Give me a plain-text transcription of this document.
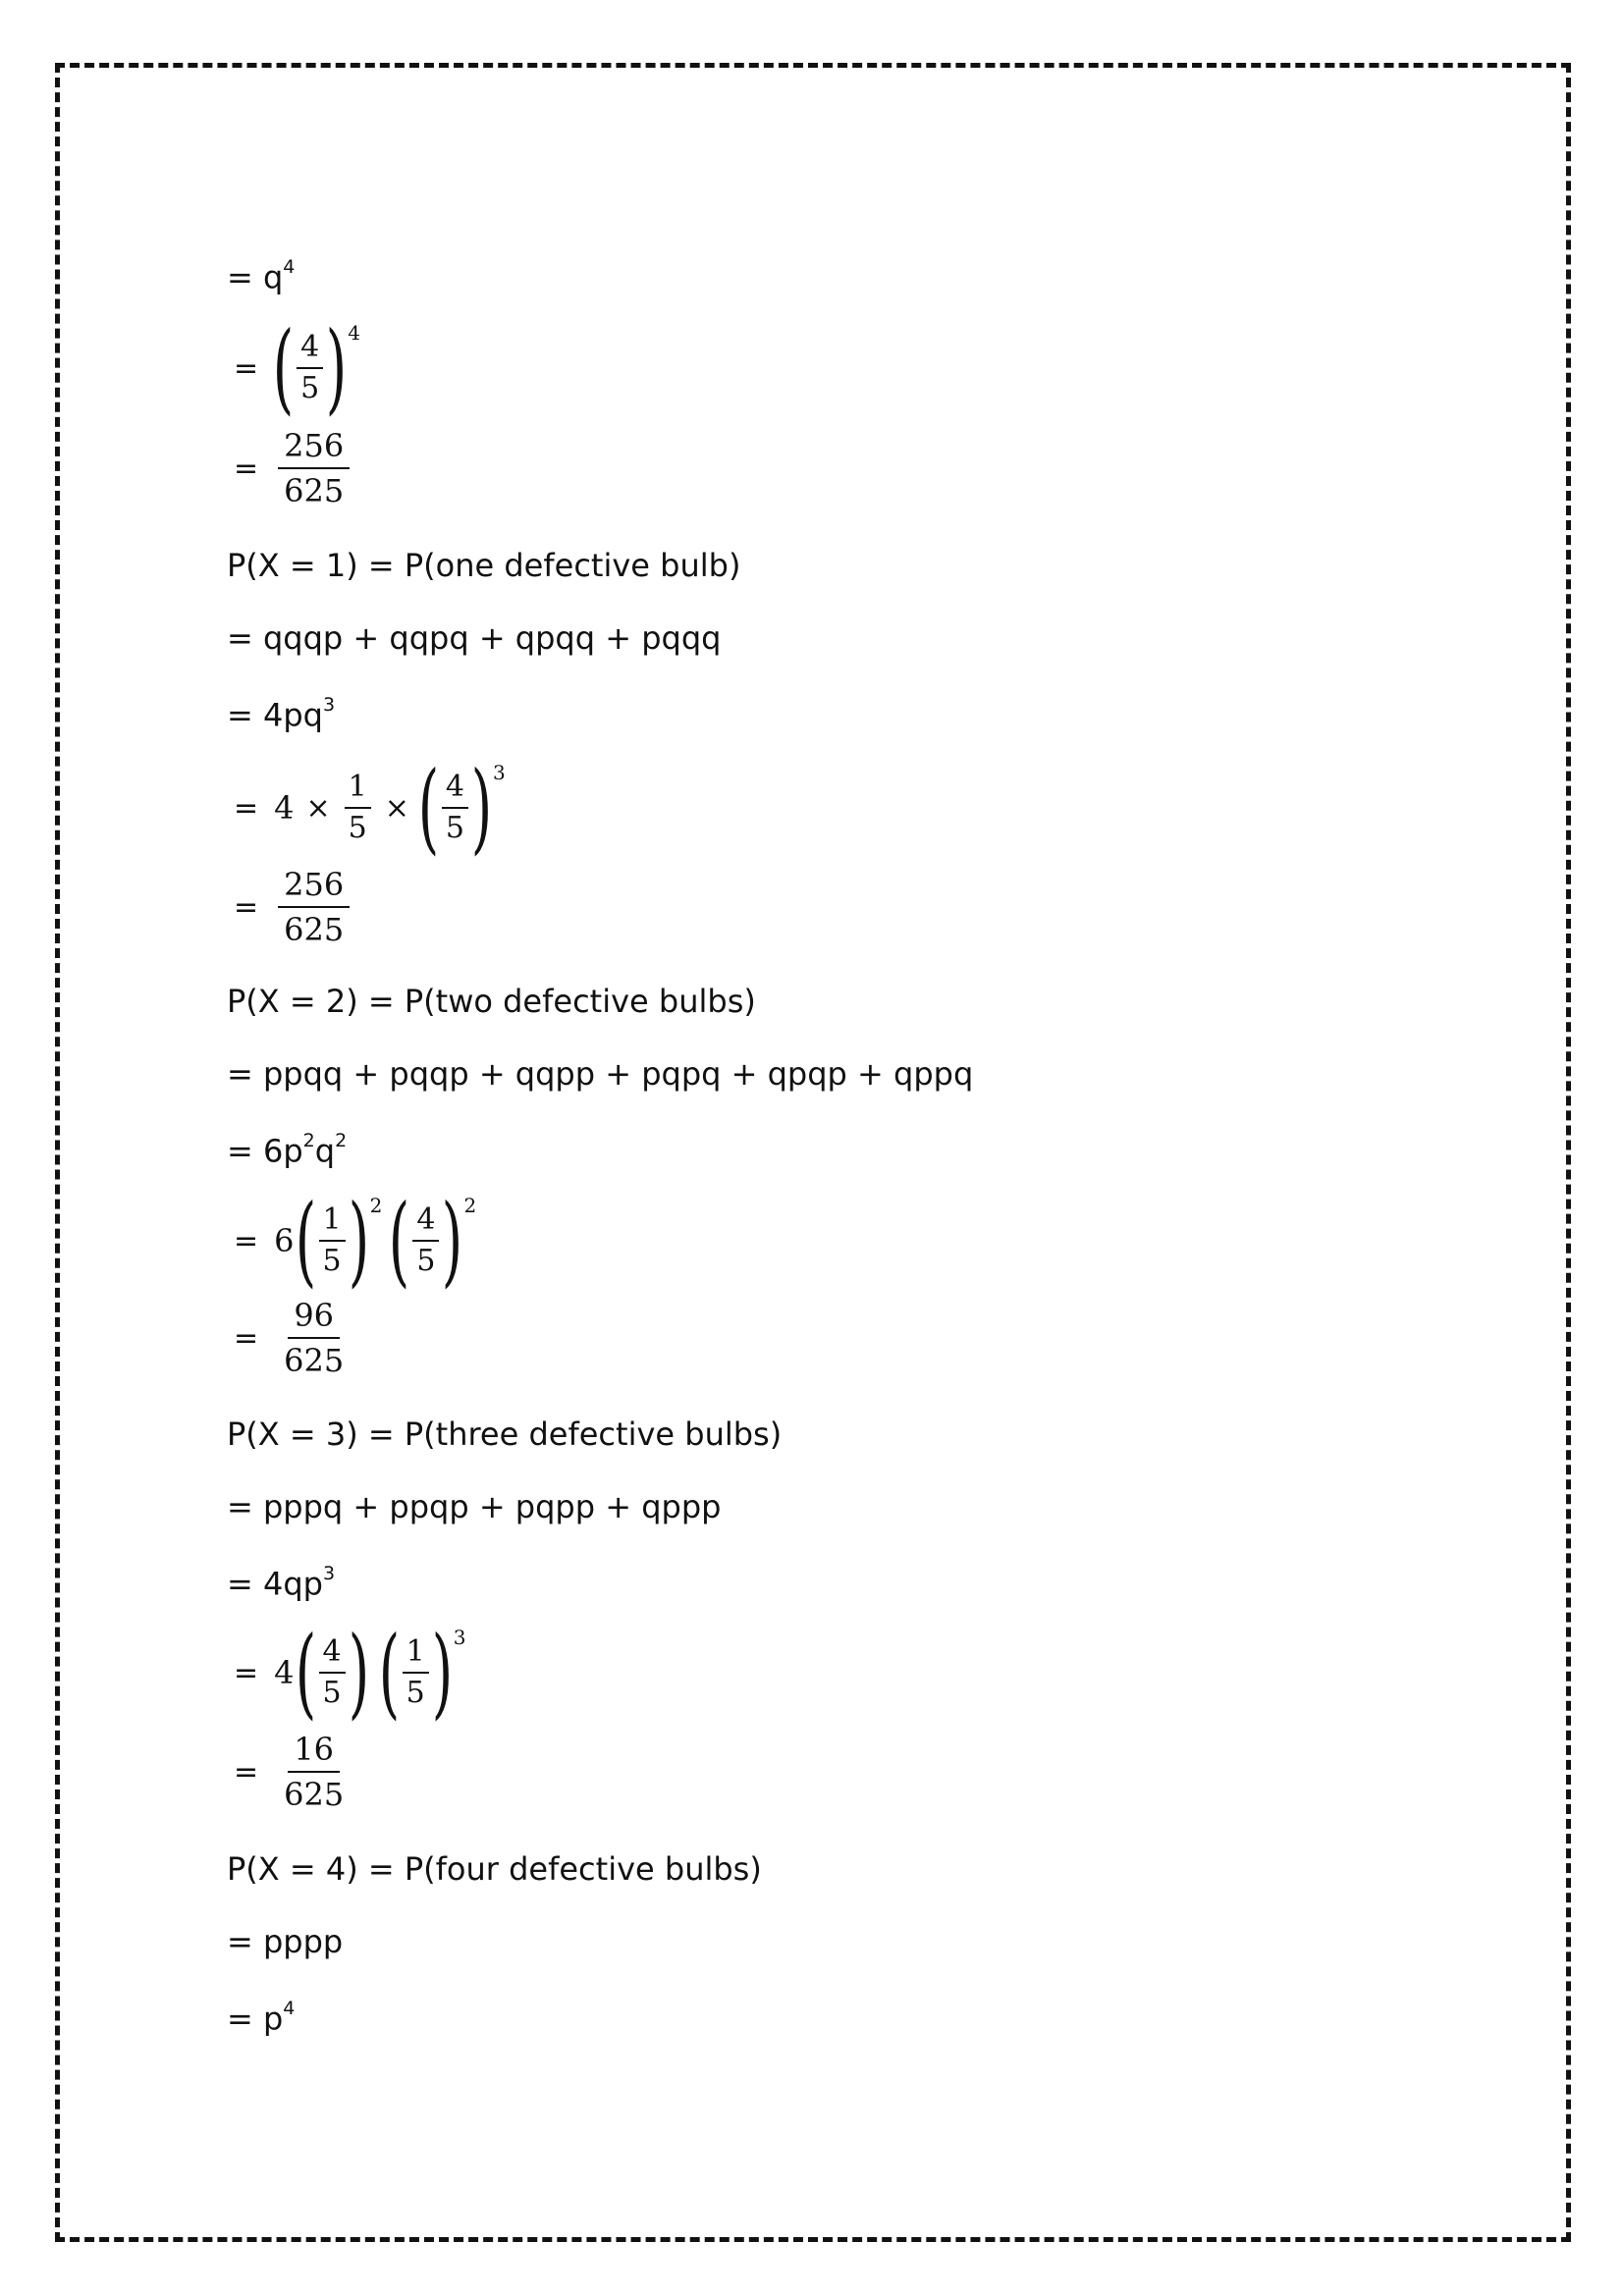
= $q^4$
= ( $\frac{4}{5}$ ) 4
= $\frac{256}{625}$
P(X = 1) = P(one defective bulb)
= qqqp + qqpq + qpqq + pqqq
= $4pq^3$
= $4 \times \frac{1}{5}$ × ( $\frac{4}{5}$ ) 3
= $\frac{256}{625}$
P(X = 2) = P(two defective bulbs)
= ppqq + pqqp + qqpp + pqpq + qpqp + qppq
= $6p^2q^2$
= 6 ( $\frac{1}{5}$ ) 2 ( $\frac{4}{5}$ ) 2
= $\frac{96}{625}$
P(X = 3) = P(three defective bulbs)
= pppq + ppqp + pqpp + qppp
= $4qp^3$
= 4 ( $\frac{4}{5}$ ) ( $\frac{1}{5}$ ) 3
= $\frac{16}{625}$
P(X = 4) = P(four defective bulbs)
= pppp
= $p^4$
